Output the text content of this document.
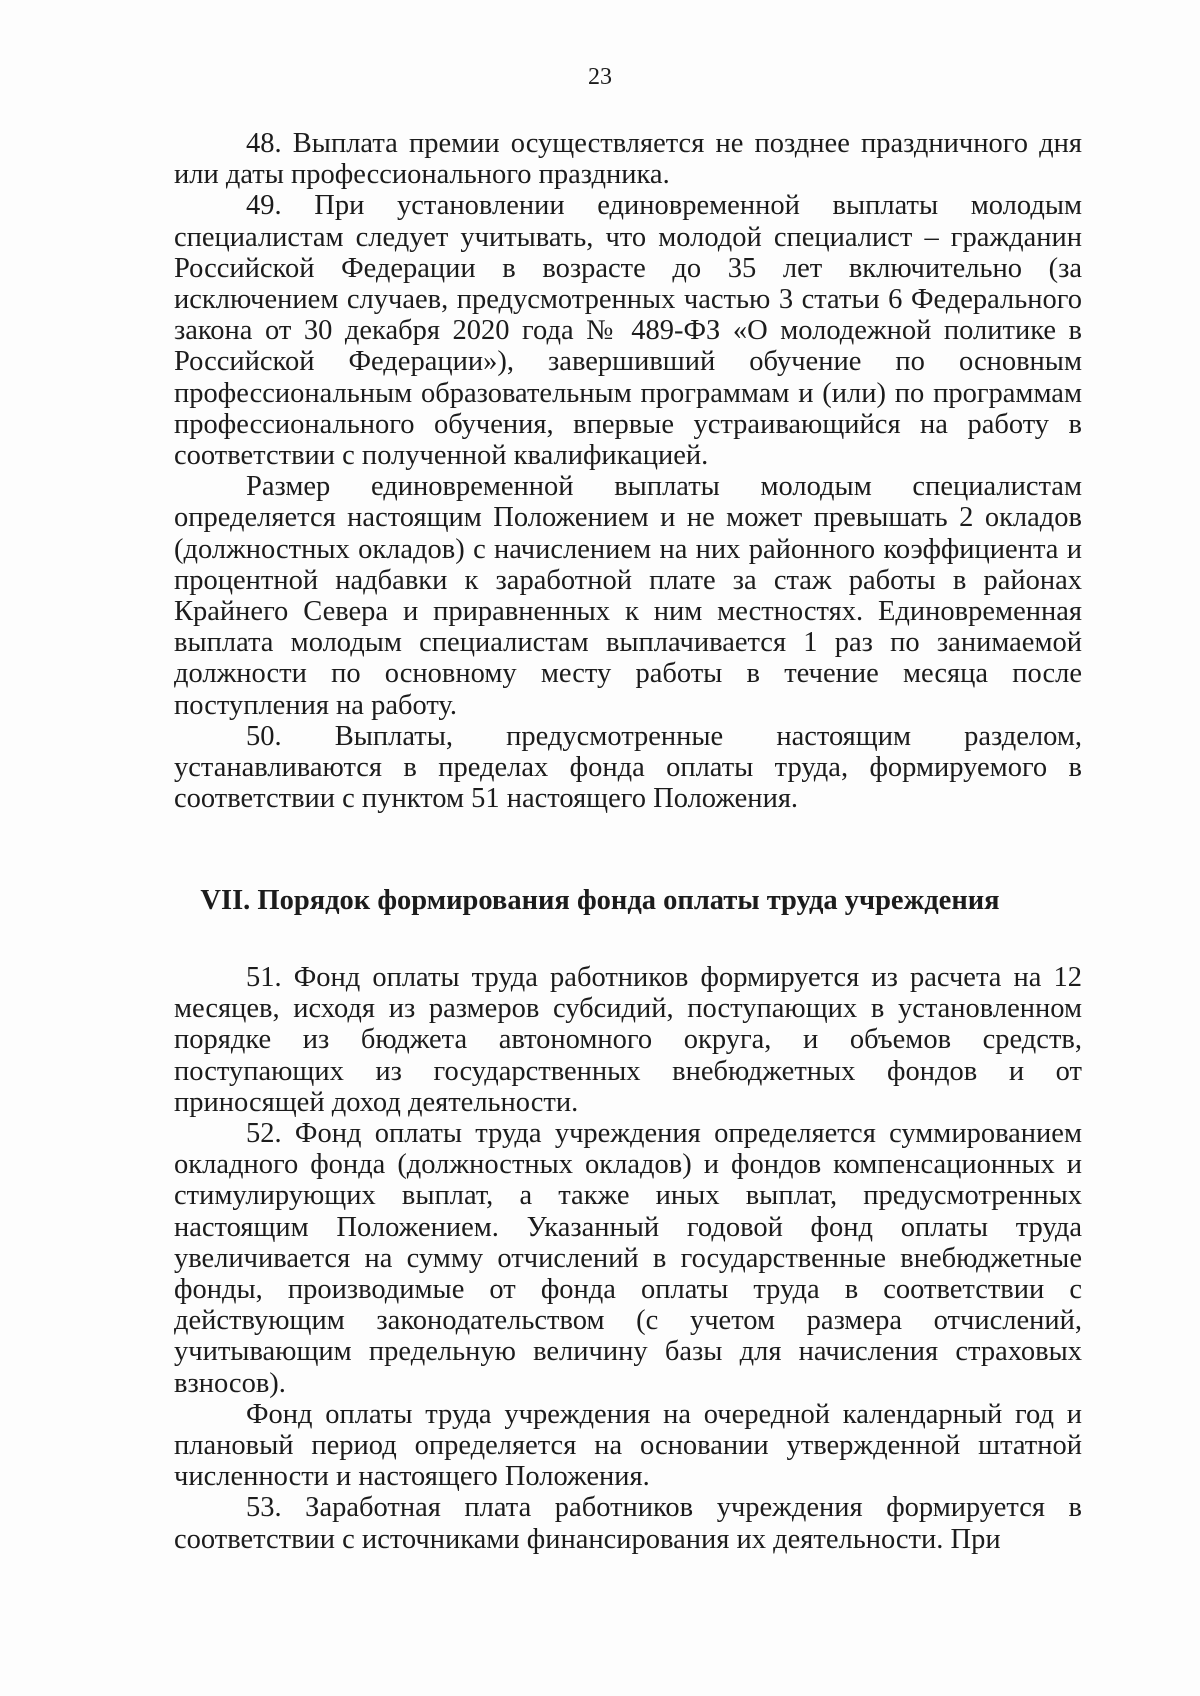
23

48. Выплата премии осуществляется не позднее праздничного дня или даты профессионального праздника.

49. При установлении единовременной выплаты молодым специалистам следует учитывать, что молодой специалист – гражданин Российской Федерации в возрасте до 35 лет включительно (за исключением случаев, предусмотренных частью 3 статьи 6 Федерального закона от 30 декабря 2020 года № 489-ФЗ «О молодежной политике в Российской Федерации»), завершивший обучение по основным профессиональным образовательным программам и (или) по программам профессионального обучения, впервые устраивающийся на работу в соответствии с полученной квалификацией.

Размер единовременной выплаты молодым специалистам определяется настоящим Положением и не может превышать 2 окладов (должностных окладов) с начислением на них районного коэффициента и процентной надбавки к заработной плате за стаж работы в районах Крайнего Севера и приравненных к ним местностях. Единовременная выплата молодым специалистам выплачивается 1 раз по занимаемой должности по основному месту работы в течение месяца после поступления на работу.

50. Выплаты, предусмотренные настоящим разделом, устанавливаются в пределах фонда оплаты труда, формируемого в соответствии с пунктом 51 настоящего Положения.

VII. Порядок формирования фонда оплаты труда учреждения

51. Фонд оплаты труда работников формируется из расчета на 12 месяцев, исходя из размеров субсидий, поступающих в установленном порядке из бюджета автономного округа, и объемов средств, поступающих из государственных внебюджетных фондов и от приносящей доход деятельности.

52. Фонд оплаты труда учреждения определяется суммированием окладного фонда (должностных окладов) и фондов компенсационных и стимулирующих выплат, а также иных выплат, предусмотренных настоящим Положением. Указанный годовой фонд оплаты труда увеличивается на сумму отчислений в государственные внебюджетные фонды, производимые от фонда оплаты труда в соответствии с действующим законодательством (с учетом размера отчислений, учитывающим предельную величину базы для начисления страховых взносов).

Фонд оплаты труда учреждения на очередной календарный год и плановый период определяется на основании утвержденной штатной численности и настоящего Положения.

53. Заработная плата работников учреждения формируется в соответствии с источниками финансирования их деятельности. При
